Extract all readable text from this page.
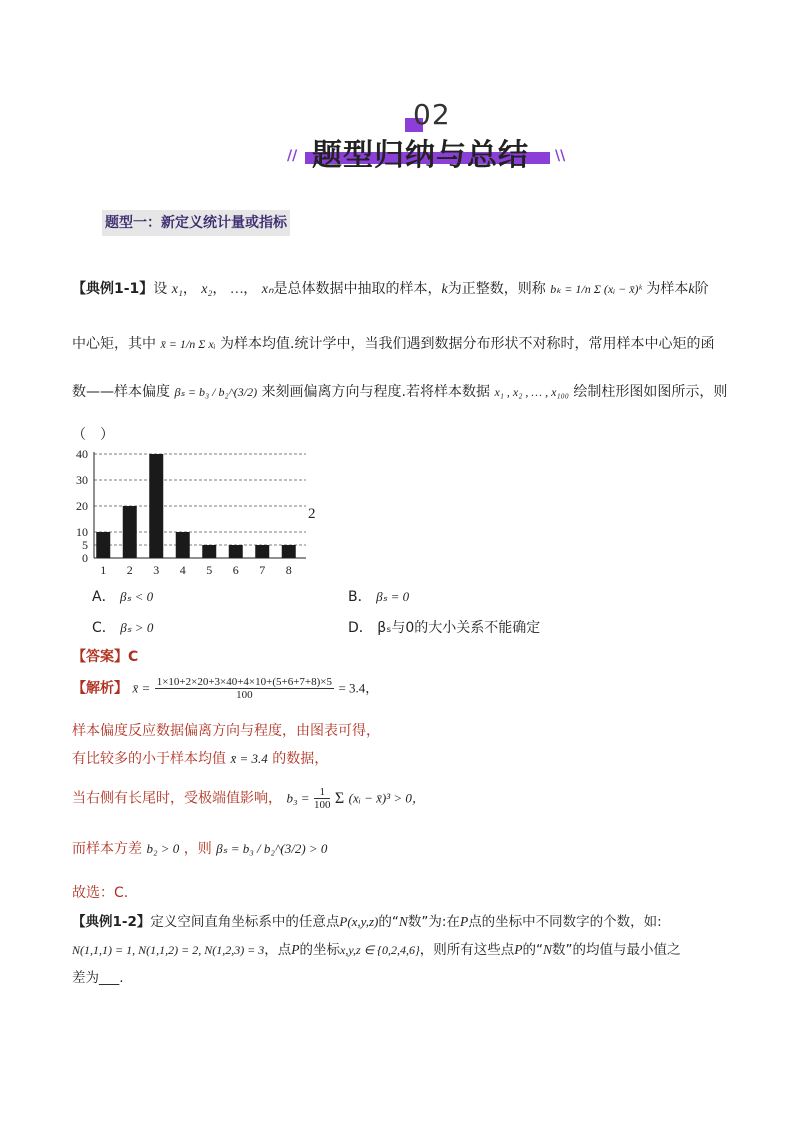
02
题型归纳与总结
//	\\
题型一：新定义统计量或指标
【典例1-1】设 x₁， x₂， …， xₙ是总体数据中抽取的样本，k为正整数，则称 bₖ = 1/n Σ (xᵢ − x̄)ᵏ 为样本k阶
中心矩，其中 x̄ = 1/n Σ xᵢ 为样本均值.统计学中，当我们遇到数据分布形状不对称时，常用样本中心矩的函
数——样本偏度 βₛ = b₃ / b₂^(3/2) 来刻画偏离方向与程度.若将样本数据 x₁ , x₂ , … , x₁₀₀ 绘制柱形图如图所示，则
（　）
0
5
10
20
30
40
1 2 3 4 5 6 7 8
2
A． βₛ < 0	B． βₛ = 0
C． βₛ > 0	D． βₛ与0的大小关系不能确定
【答案】C
【解析】 x̄ = $\frac{1\times 10+2\times 20+3\times 40+4\times 10+(5+6+7+8)\times 5}{100} = 3.4$，
样本偏度反应数据偏离方向与程度，由图表可得，
有比较多的小于样本均值 x̄ = 3.4 的数据，
当右侧有长尾时，受极端值影响， $b_3 = \frac{1}{100}$
Σ (xᵢ − x̄)³ > 0，
而样本方差 b₂ > 0 ，则 βₛ = b₃ / b₂^(3/2) > 0
故选：C.
【典例1-2】定义空间直角坐标系中的任意点P(x,y,z)的“N数”为:在P点的坐标中不同数字的个数，如:
N(1,1,1) = 1, N(1,1,2) = 2, N(1,2,3) = 3，点P的坐标x,y,z ∈ {0,2,4,6}，则所有这些点P的“N数”的均值与最小值之
差为___.
